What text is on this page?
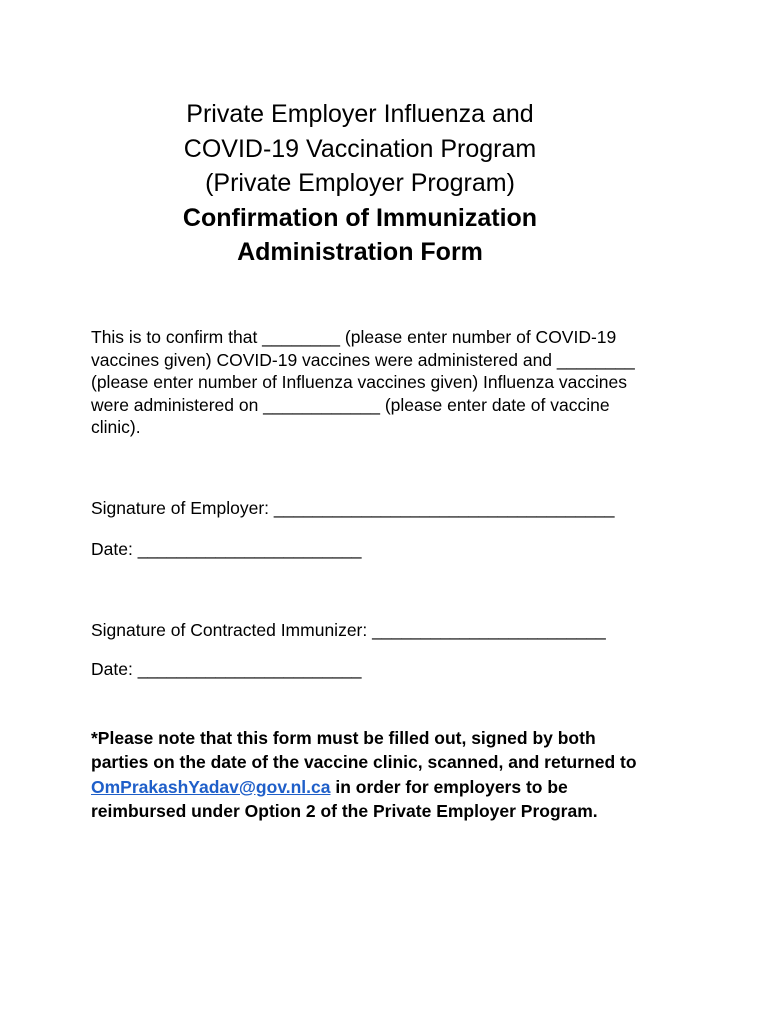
Private Employer Influenza and
COVID-19 Vaccination Program
(Private Employer Program)
Confirmation of Immunization
Administration Form
This is to confirm that ________ (please enter number of COVID-19
vaccines given) COVID-19 vaccines were administered and ________
(please enter number of Influenza vaccines given) Influenza vaccines
were administered on ____________ (please enter date of vaccine
clinic).
Signature of Employer: ___________________________________
Date: _______________________
Signature of Contracted Immunizer: ________________________
Date: _______________________
*Please note that this form must be filled out, signed by both
parties on the date of the vaccine clinic, scanned, and returned to
OmPrakashYadav@gov.nl.ca in order for employers to be
reimbursed under Option 2 of the Private Employer Program.
